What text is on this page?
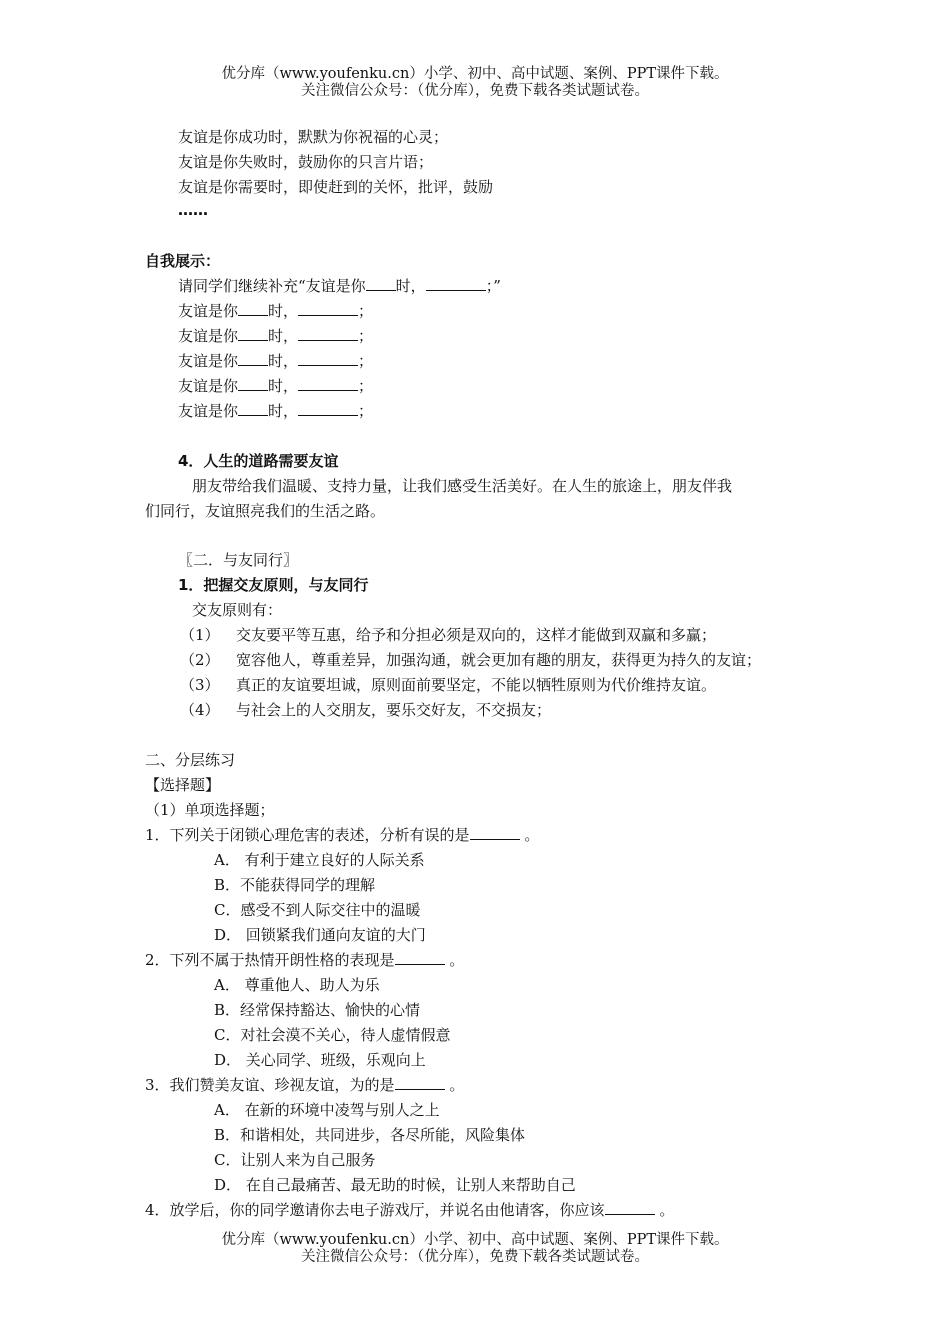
优分库（www.youfenku.cn）小学、初中、高中试题、案例、PPT课件下载。
关注微信公众号：（优分库），免费下载各类试题试卷。
友谊是你成功时，默默为你祝福的心灵；
友谊是你失败时，鼓励你的只言片语；
友谊是你需要时，即使赶到的关怀，批评，鼓励
……
自我展示：
请同学们继续补充“友谊是你 时，	；”
友谊是你 时，	；
友谊是你 时，	；
友谊是你 时，	；
友谊是你 时，	；
友谊是你 时，	；
4．人生的道路需要友谊
朋友带给我们温暖、支持力量，让我们感受生活美好。在人生的旅途上，朋友伴我
们同行，友谊照亮我们的生活之路。
〖二．与友同行〗
1．把握交友原则，与友同行
交友原则有：
（1） 交友要平等互惠，给予和分担必须是双向的，这样才能做到双赢和多赢；
（2） 宽容他人，尊重差异，加强沟通，就会更加有趣的朋友，获得更为持久的友谊；
（3） 真正的友谊要坦诚，原则面前要坚定，不能以牺牲原则为代价维持友谊。
（4） 与社会上的人交朋友，要乐交好友，不交损友；
二、分层练习
【选择题】
（1）单项选择题；
1．下列关于闭锁心理危害的表述，分析有误的是	。
A． 有利于建立良好的人际关系
B．不能获得同学的理解
C．感受不到人际交往中的温暖
D． 回锁紧我们通向友谊的大门
2．下列不属于热情开朗性格的表现是	。
A． 尊重他人、助人为乐
B．经常保持豁达、愉快的心情
C．对社会漠不关心，待人虚情假意
D． 关心同学、班级，乐观向上
3．我们赞美友谊、珍视友谊，为的是	。
A． 在新的环境中凌驾与别人之上
B．和谐相处，共同进步，各尽所能，风险集体
C．让别人来为自己服务
D． 在自己最痛苦、最无助的时候，让别人来帮助自己
4．放学后，你的同学邀请你去电子游戏厅，并说名由他请客，你应该	。
优分库（www.youfenku.cn）小学、初中、高中试题、案例、PPT课件下载。
关注微信公众号：（优分库），免费下载各类试题试卷。
